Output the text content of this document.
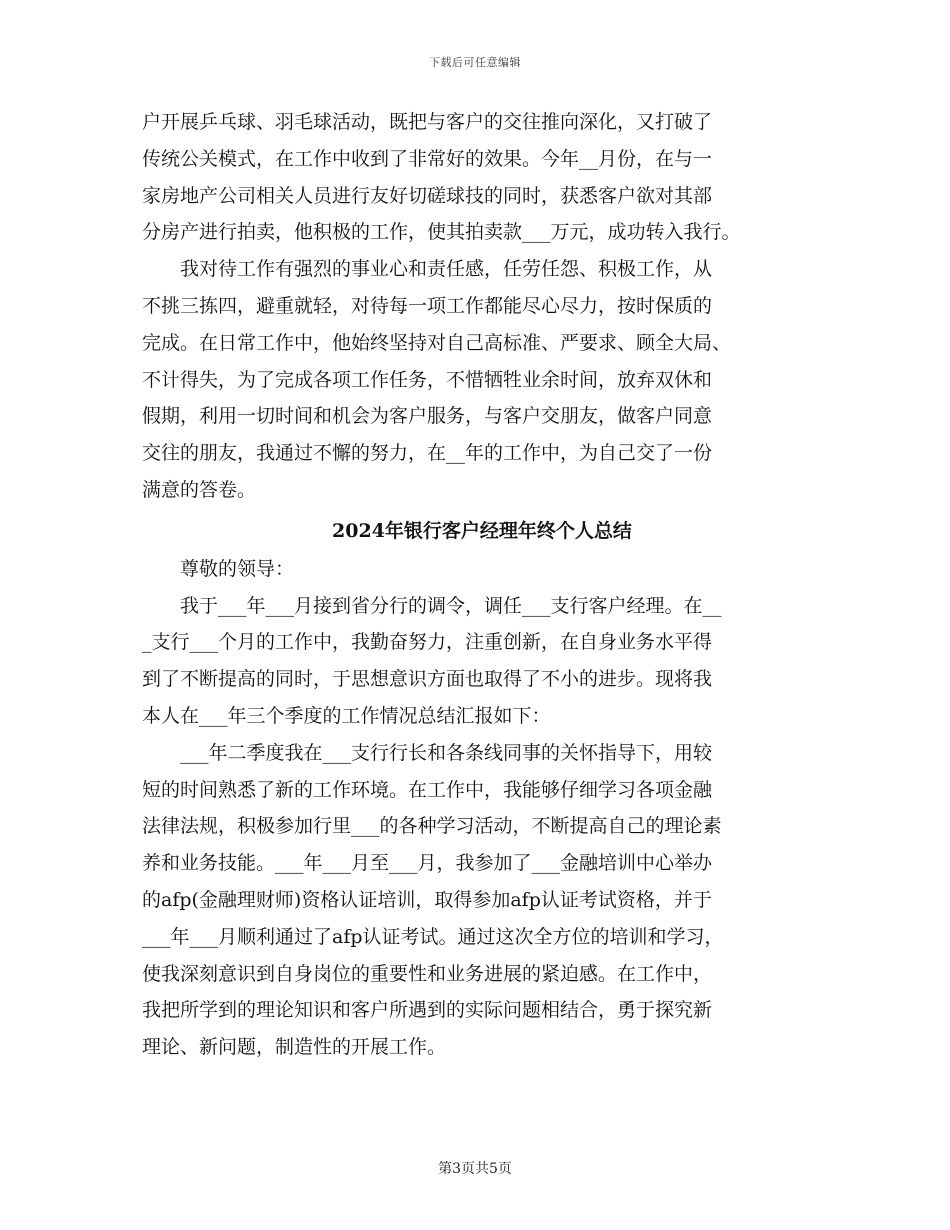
下载后可任意编辑
户开展乒乓球、羽毛球活动，既把与客户的交往推向深化，又打破了
传统公关模式，在工作中收到了非常好的效果。今年__月份，在与一
家房地产公司相关人员进行友好切磋球技的同时，获悉客户欲对其部
分房产进行拍卖，他积极的工作，使其拍卖款___万元，成功转入我行。
　　我对待工作有强烈的事业心和责任感，任劳任怨、积极工作，从
不挑三拣四，避重就轻，对待每一项工作都能尽心尽力，按时保质的
完成。在日常工作中，他始终坚持对自己高标准、严要求、顾全大局、
不计得失，为了完成各项工作任务，不惜牺牲业余时间，放弃双休和
假期，利用一切时间和机会为客户服务，与客户交朋友，做客户同意
交往的朋友，我通过不懈的努力，在__年的工作中，为自己交了一份
满意的答卷。
2024年银行客户经理年终个人总结
　　尊敬的领导：
　　我于___年___月接到省分行的调令，调任___支行客户经理。在__
_支行___个月的工作中，我勤奋努力，注重创新，在自身业务水平得
到了不断提高的同时，于思想意识方面也取得了不小的进步。现将我
本人在___年三个季度的工作情况总结汇报如下：
　　___年二季度我在___支行行长和各条线同事的关怀指导下，用较
短的时间熟悉了新的工作环境。在工作中，我能够仔细学习各项金融
法律法规，积极参加行里___的各种学习活动，不断提高自己的理论素
养和业务技能。___年___月至___月，我参加了___金融培训中心举办
的afp(金融理财师)资格认证培训，取得参加afp认证考试资格，并于
___年___月顺利通过了afp认证考试。通过这次全方位的培训和学习，
使我深刻意识到自身岗位的重要性和业务进展的紧迫感。在工作中，
我把所学到的理论知识和客户所遇到的实际问题相结合，勇于探究新
理论、新问题，制造性的开展工作。
第3页共5页
